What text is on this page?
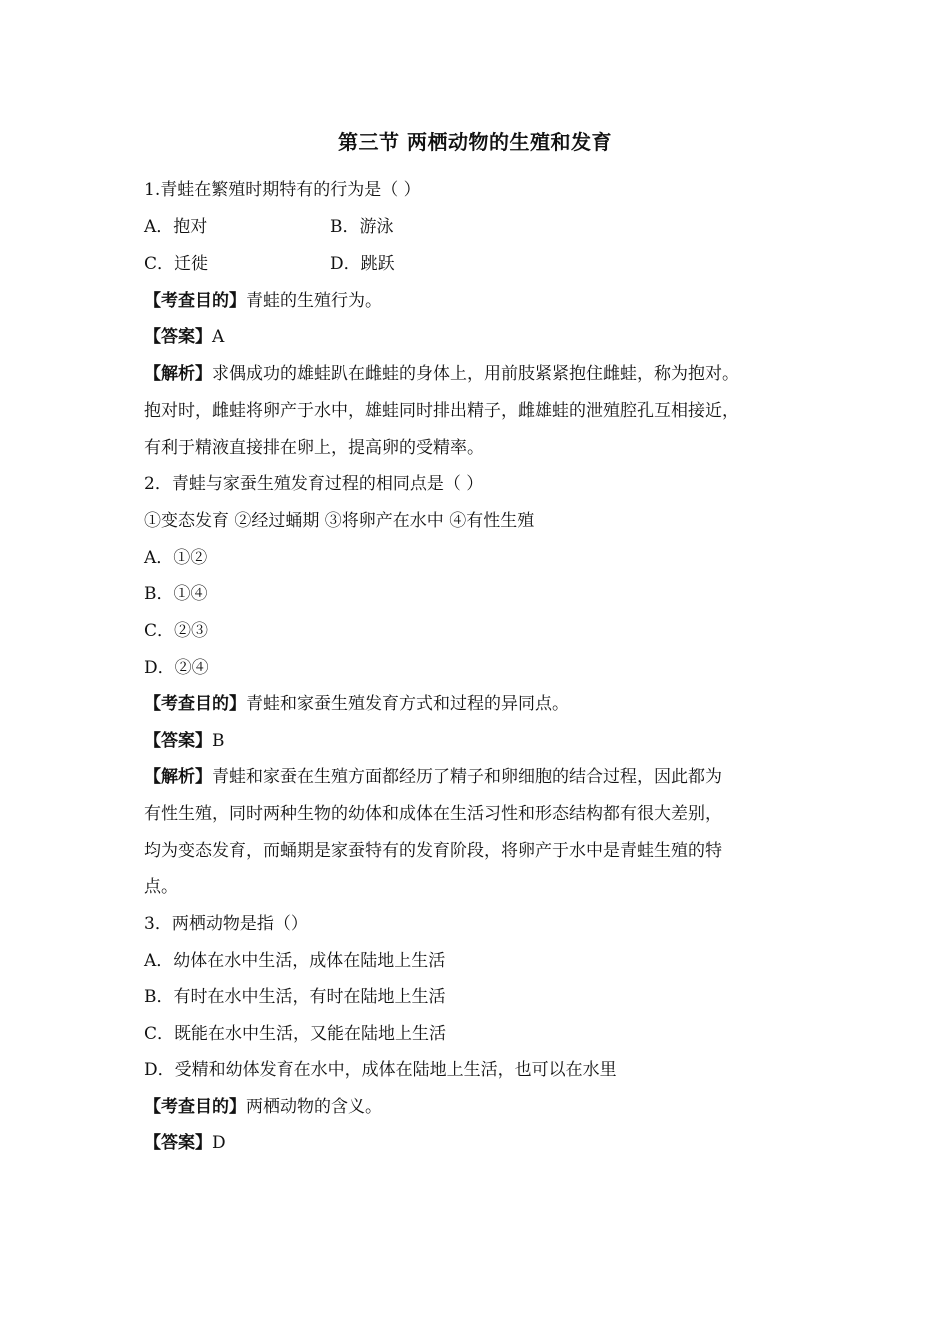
第三节 两栖动物的生殖和发育
1.青蛙在繁殖时期特有的行为是（ ）
A．抱对	B．游泳
C．迁徙	D．跳跃
【考查目的】青蛙的生殖行为。
【答案】A
【解析】求偶成功的雄蛙趴在雌蛙的身体上，用前肢紧紧抱住雌蛙，称为抱对。
抱对时，雌蛙将卵产于水中，雄蛙同时排出精子，雌雄蛙的泄殖腔孔互相接近，
有利于精液直接排在卵上，提高卵的受精率。
2．青蛙与家蚕生殖发育过程的相同点是（ ）
①变态发育 ②经过蛹期 ③将卵产在水中 ④有性生殖
A．①②
B．①④
C．②③
D．②④
【考查目的】青蛙和家蚕生殖发育方式和过程的异同点。
【答案】B
【解析】青蛙和家蚕在生殖方面都经历了精子和卵细胞的结合过程，因此都为
有性生殖，同时两种生物的幼体和成体在生活习性和形态结构都有很大差别，
均为变态发育，而蛹期是家蚕特有的发育阶段，将卵产于水中是青蛙生殖的特
点。
3．两栖动物是指（）
A．幼体在水中生活，成体在陆地上生活
B．有时在水中生活，有时在陆地上生活
C．既能在水中生活，又能在陆地上生活
D．受精和幼体发育在水中，成体在陆地上生活，也可以在水里
【考查目的】两栖动物的含义。
【答案】D
